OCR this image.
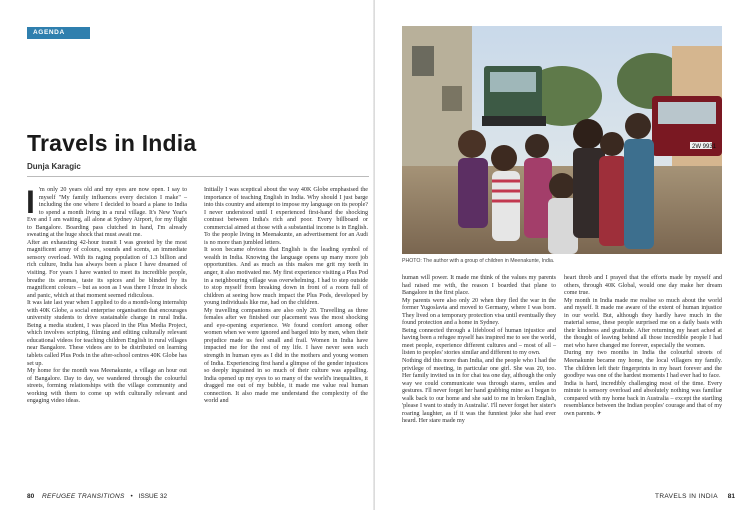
AGENDA
Travels in India
Dunja Karagic
I 'm only 20 years old and my eyes are now open. I say to myself "My family influences every decision I make" – including the one where I decided to board a plane to India to spend a month living in a rural village. It's New Year's Eve and I am waiting, all alone at Sydney Airport, for my flight to Bangalore. Boarding pass clutched in hand, I'm already sweating at the huge shock that must await me.

After an exhausting 42-hour transit I was greeted by the most magnificent array of colours, sounds and scents, an immediate sensory overload. With its raging population of 1.3 billion and rich culture, India has always been a place I have dreamed of visiting. For years I have wanted to meet its incredible people, breathe its aromas, taste its spices and be blinded by its magnificent colours – but as soon as I was there I froze in shock and panic, which at that moment seemed ridiculous.

It was late last year when I applied to do a month-long internship with 40K Globe, a social enterprise organisation that encourages university students to drive sustainable change in rural India. Being a media student, I was placed in the Plus Media Project, which involves scripting, filming and editing culturally relevant educational videos for teaching children English in rural villages near Bangalore. These videos are to be distributed on learning tablets called Plus Pods in the after-school centres 40K Globe has set up.

My home for the month was Meenakunte, a village an hour out of Bangalore. Day to day, we wandered through the colourful streets, forming relationships with the village community and working with them to come up with culturally relevant and engaging video ideas.

Initially I was sceptical about the way 40K Globe emphasised the importance of teaching English in India. Why should I just barge into this country and attempt to impose my language on its people? I never understood until I experienced first-hand the shocking contrast between India's rich and poor. Every billboard or commercial aimed at those with a substantial income is in English. To the people living in Meenakunte, an advertisement for an Audi is no more than jumbled letters.

It soon became obvious that English is the leading symbol of wealth in India. Knowing the language opens up many more job opportunities. And as much as this makes me grit my teeth in anger, it also motivated me. My first experience visiting a Plus Pod in a neighbouring village was overwhelming. I had to step outside to stop myself from breaking down in front of a room full of children at seeing how much impact the Plus Pods, developed by young individuals like me, had on the children.

My travelling companions are also only 20. Travelling as three females after we finished our placement was the most shocking and eye-opening experience. We found comfort among other women when we were ignored and barged into by men, when their prejudice made us feel small and frail. Women in India have impacted me for the rest of my life. I have never seen such strength in human eyes as I did in the mothers and young women of India. Experiencing first hand a glimpse of the gender injustices so deeply ingrained in so much of their culture was appalling. India opened up my eyes to so many of the world's inequalities, it dragged me out of my bubble, it made me value real human connection. It also made me understand the complexity of the world and

80 REFUGEE TRANSITIONS • ISSUE 32
2W 9931
PHOTO: The author with a group of children in Meenakunte, India.

human will power. It made me think of the values my parents had raised me with, the reason I boarded that plane to Bangalore in the first place.

My parents were also only 20 when they fled the war in the former Yugoslavia and moved to Germany, where I was born. They lived on a temporary protection visa until eventually they found protection and a home in Sydney.

Being connected through a lifeblood of human injustice and having been a refugee myself has inspired me to see the world, meet people, experience different cultures and – most of all – listen to peoples' stories similar and different to my own.

Nothing did this more than India, and the people who I had the privilege of meeting, in particular one girl. She was 20, too. Her family invited us in for chai tea one day, although the only way we could communicate was through stares, smiles and gestures. I'll never forget her hand grabbing mine as I began to walk back to our home and she said to me in broken English, 'please I want to study in Australia'. I'll never forget her sister's roaring laughter, as if it was the funniest joke she had ever heard. Her stare made my

heart throb and I prayed that the efforts made by myself and others, through 40K Global, would one day make her dream come true.

My month in India made me realise so much about the world and myself. It made me aware of the extent of human injustice in our world. But, although they hardly have much in the material sense, these people surprised me on a daily basis with their kindness and gratitude. After returning my heart ached at the thought of leaving behind all those incredible people I had met who have changed me forever, especially the women.

During my two months in India the colourful streets of Meenakunte became my home, the local villagers my family. The children left their fingerprints in my heart forever and the goodbye was one of the hardest moments I had ever had to face.

India is hard, incredibly challenging most of the time. Every minute is sensory overload and absolutely nothing was familiar compared with my home back in Australia – except the startling resemblance between the Indian peoples' courage and that of my own parents. ✈

TRAVELS IN INDIA 81
